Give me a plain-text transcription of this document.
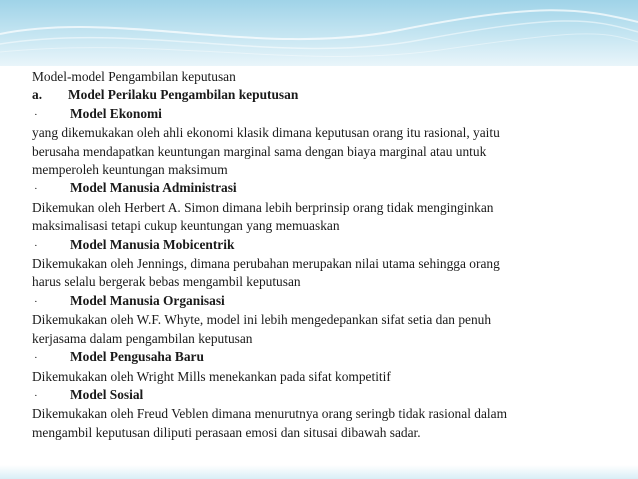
Model-model Pengambilan keputusan

a.	Model Perilaku Pengambilan keputusan
·	Model Ekonomi

yang dikemukakan oleh ahli ekonomi klasik dimana keputusan orang itu rasional, yaitu

berusaha mendapatkan keuntungan marginal sama dengan biaya marginal atau untuk

memperoleh keuntungan maksimum

·	Model Manusia Administrasi

Dikemukan oleh Herbert A. Simon dimana lebih berprinsip orang tidak menginginkan

maksimalisasi tetapi cukup keuntungan yang memuaskan

·	Model Manusia Mobicentrik

Dikemukakan oleh Jennings, dimana perubahan merupakan nilai utama sehingga orang

harus selalu bergerak bebas mengambil keputusan

·	Model Manusia Organisasi

Dikemukakan oleh W.F. Whyte, model ini lebih mengedepankan sifat setia dan penuh

kerjasama dalam pengambilan keputusan

·	Model Pengusaha Baru

Dikemukakan oleh Wright Mills menekankan pada sifat kompetitif

·	Model Sosial

Dikemukakan oleh Freud Veblen dimana menurutnya orang seringb tidak rasional dalam

mengambil keputusan diliputi perasaan emosi dan situsai dibawah sadar.
